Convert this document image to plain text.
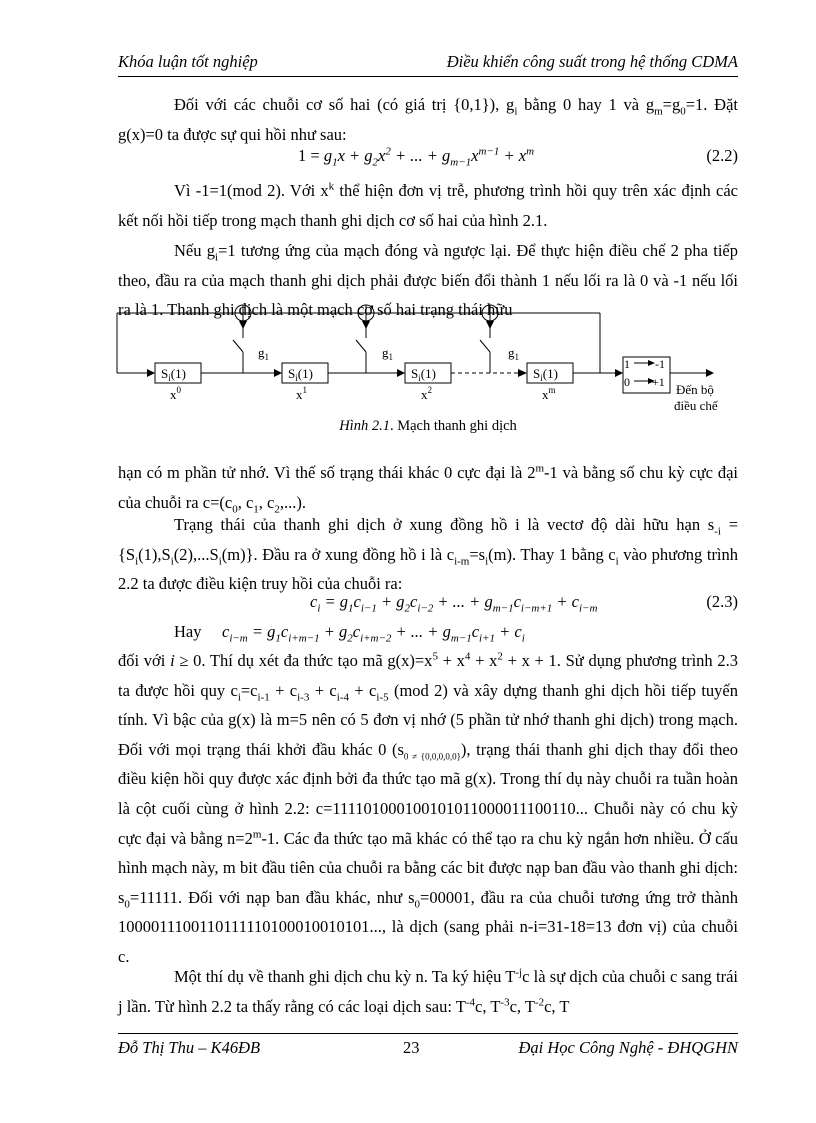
Khóa luận tốt nghiệp	Điều khiển công suất trong hệ thống CDMA
Đối với các chuỗi cơ số hai (có giá trị {0,1}), $g_i$ bằng 0 hay 1 và $g_m=g_0=1$. Đặt g(x)=0 ta được sự qui hồi như sau:
$1 = g_1x + g_2x^2$ + ... + $g_{m-1}x^{m-1} + x^m$	(2.2)
Vì -1=1(mod 2). Với $x^k$ thể hiện đơn vị trễ, phương trình hồi quy trên xác định các kết nối hồi tiếp trong mạch thanh ghi dịch cơ số hai của hình 2.1.
Nếu $g_i=1$ tương ứng của mạch đóng và ngược lại. Để thực hiện điều chế 2 pha tiếp theo, đầu ra của mạch thanh ghi dịch phải được biến đổi thành 1 nếu lối ra là 0 và -1 nếu lối ra là 1. Thanh ghi dịch là một mạch cơ số hai trạng thái hữu
$S_i(1)$	$S_i(1)$	$S_i(1)$	$S_i(1)$
$g_1$	$g_1$	$g_1$
$x^0$	$x^1$	$x^2$	$x^m$
1
0
-1
+1 Đến bộ
điều chế
Hình 2.1. Mạch thanh ghi dịch
hạn có m phần tử nhớ. Vì thế số trạng thái khác 0 cực đại là 2$^m$-1 và bằng số chu kỳ cực đại của chuỗi ra $c=(c_0$, $c_1$, $c_2$,...).
Trạng thái của thanh ghi dịch ở xung đồng hồ i là vectơ độ dài hữu hạn $s_{-i} = \{S_i(1),S_i(2),...S_i(m)\}$. Đầu ra ở xung đồng hồ i là $c_{i-m}=s_i(m)$. Thay 1 bằng $c_i$ vào phương trình 2.2 ta được điều kiện truy hồi của chuỗi ra:
$c_i = g_1c_{i-1} + g_2c_{i-2}$ + ... + $g_{m-1}c_{i-m+1} + c_{i-m}$	(2.3)
Hay $c_{i-m} = g_1c_{i+m-1} + g_2c_{i+m-2}$ + ... + $g_{m-1}c_{i+1} + c_i$
đối với i ≥ 0. Thí dụ xét đa thức tạo mã $g(x)=x^5 + x^4 + x^2 + x + 1$. Sử dụng phương trình 2.3 ta được hồi quy $c_i=c_{i-1} + c_{i-3} + c_{i-4} + c_{i-5}$ (mod 2) và xây dựng thanh ghi dịch hồi tiếp tuyến tính. Vì bậc của g(x) là m=5 nên có 5 đơn vị nhớ (5 phần tử nhớ thanh ghi dịch) trong mạch. Đối với mọi trạng thái khởi đầu khác 0 $(s_{0 \ne \{0,0,0,0,0\}})$, trạng thái thanh ghi dịch thay đổi theo điều kiện hồi quy được xác định bởi đa thức tạo mã g(x). Trong thí dụ này chuỗi ra tuần hoàn là cột cuối cùng ở hình 2.2: c=111101000100101011000011100110... Chuỗi này có chu kỳ cực đại và bằng $n=2^m-1$. Các đa thức tạo mã khác có thể tạo ra chu kỳ ngắn hơn nhiều. Ở cấu hình mạch này, m bit đầu tiên của chuỗi ra bằng các bit được nạp ban đầu vào thanh ghi dịch: $s_0=11111$. Đối với nạp ban đầu khác, như $s_0=00001$, đầu ra của chuỗi tương ứng trở thành 1000011100110111110100010010101..., là dịch (sang phải n-i=31-18=13 đơn vị) của chuỗi c.
Một thí dụ về thanh ghi dịch chu kỳ n. Ta ký hiệu $T^{-j}c$ là sự dịch của chuỗi c sang trái j lần. Từ hình 2.2 ta thấy rằng có các loại dịch sau: $T^{-4}c$, $T^{-3}c$, $T^{-2}c$, T
Đỗ Thị Thu – K46ĐB	23	Đại Học Công Nghệ - ĐHQGHN
